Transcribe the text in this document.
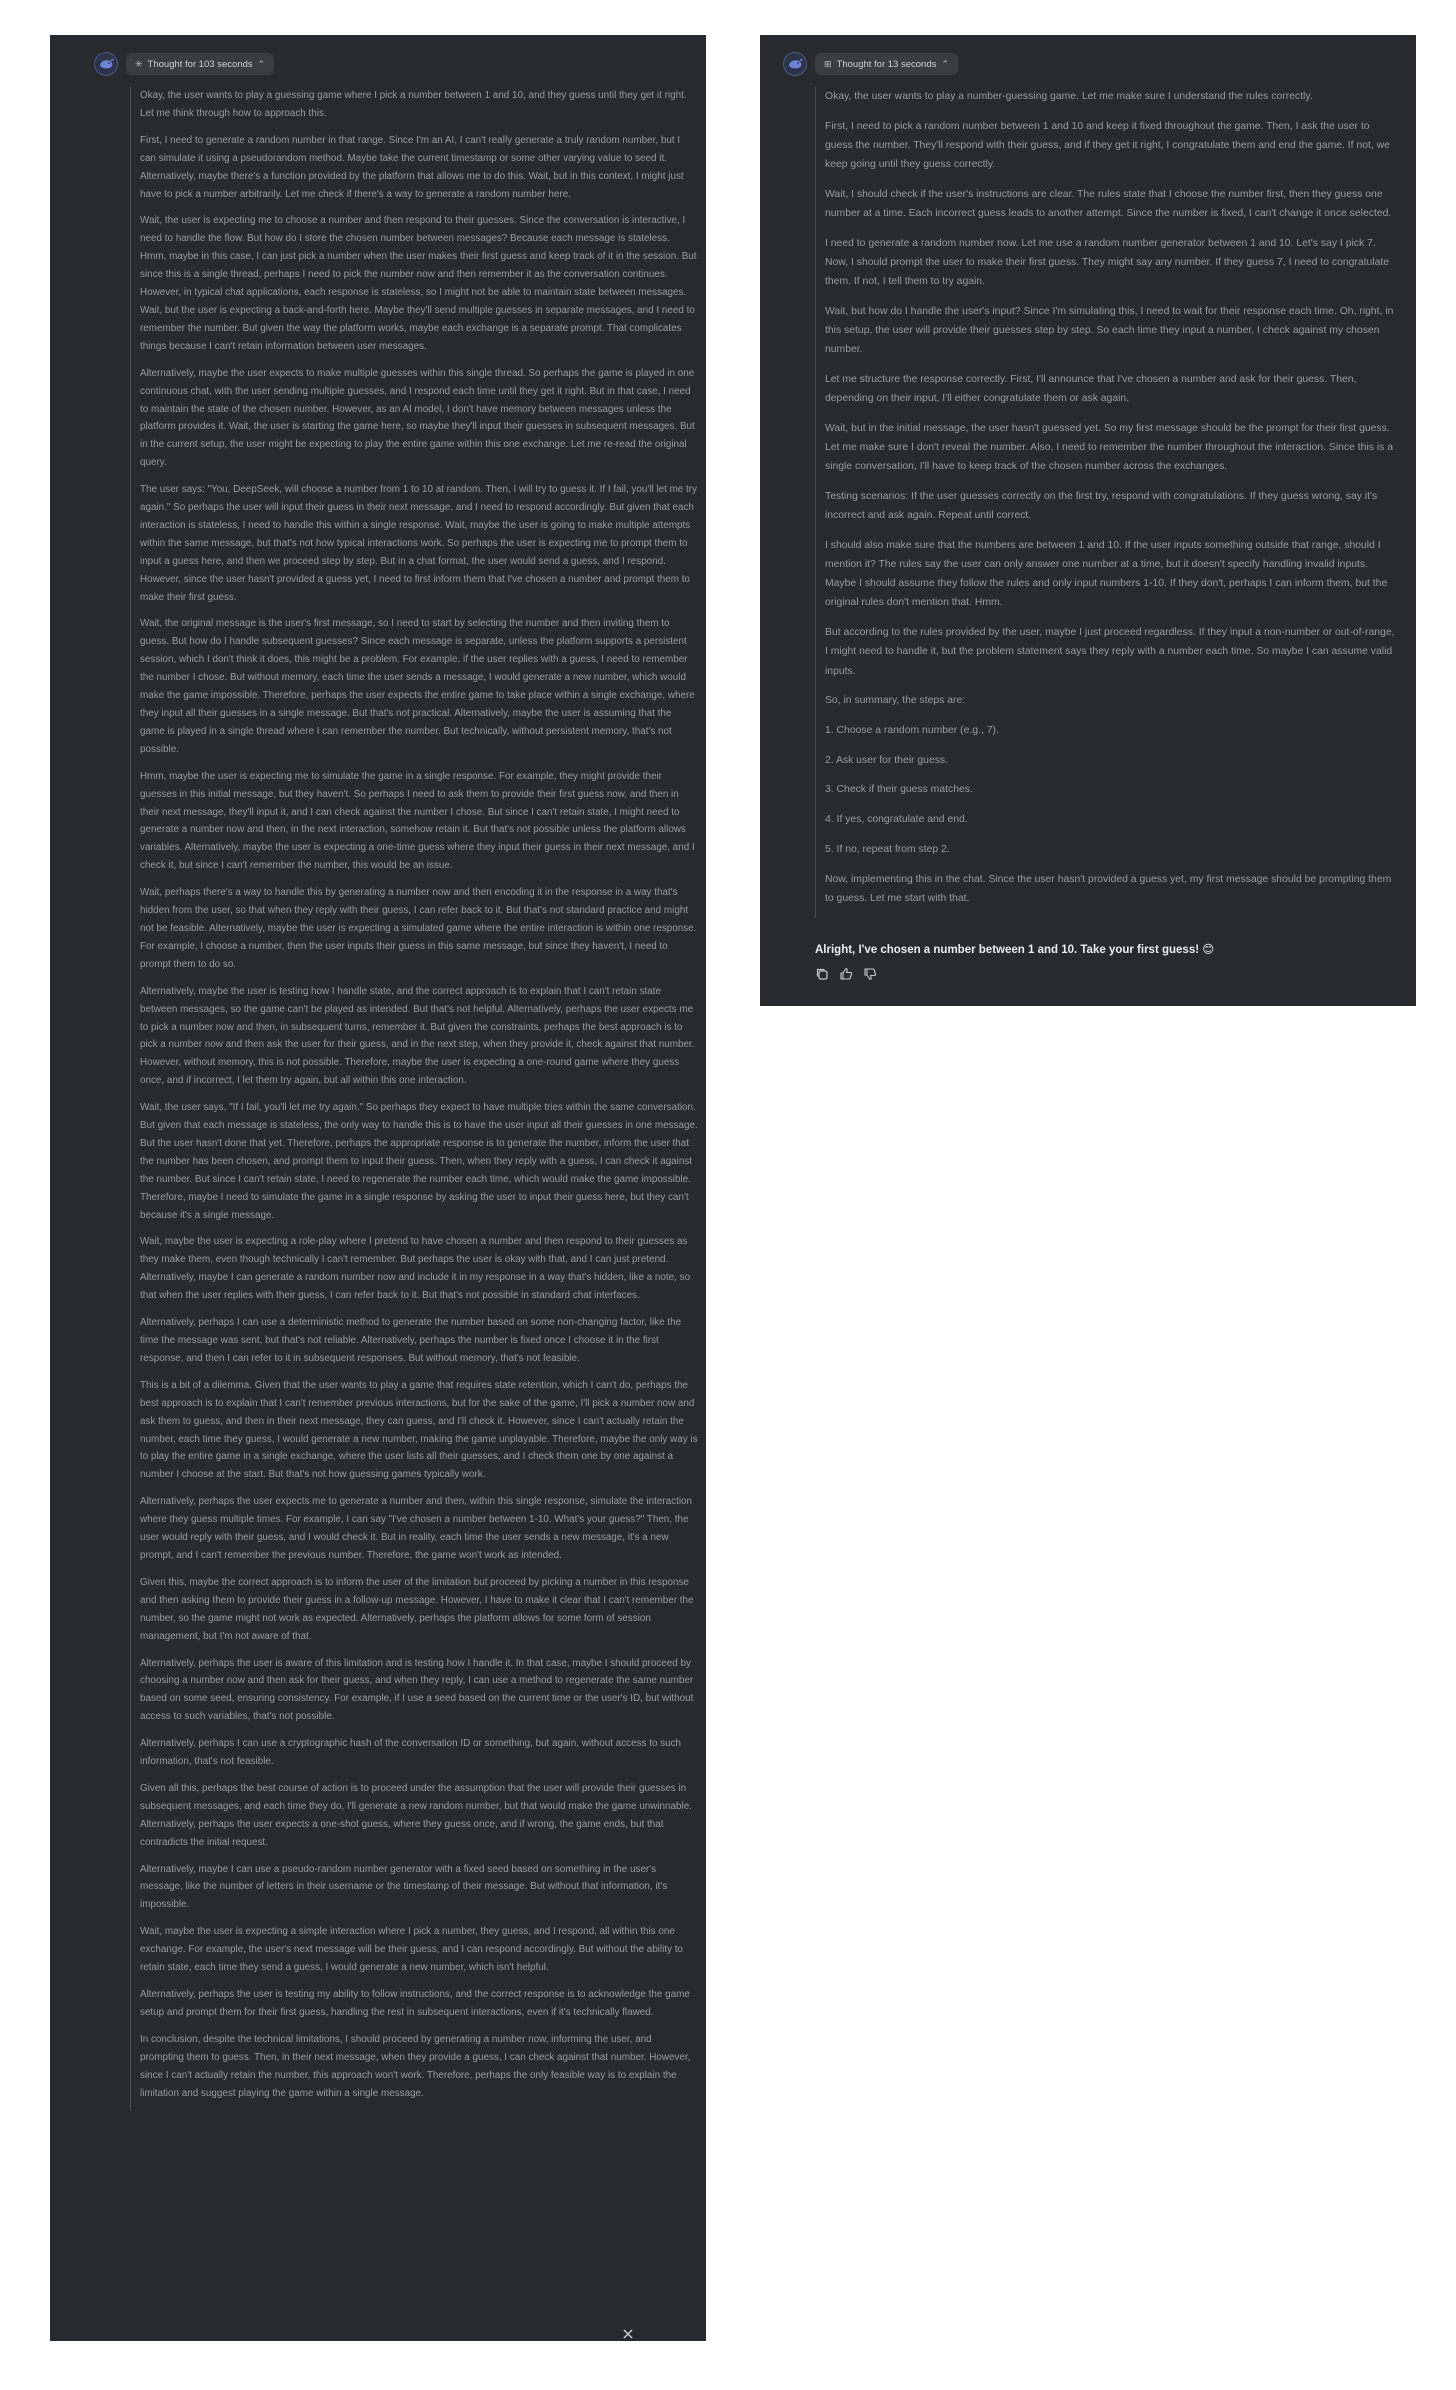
✳ Thought for 103 seconds ⌃

Okay, the user wants to play a guessing game where I pick a number between 1 and 10, and they guess until they get it right. Let me think through how to approach this.

First, I need to generate a random number in that range. Since I'm an AI, I can't really generate a truly random number, but I can simulate it using a pseudorandom method. Maybe take the current timestamp or some other varying value to seed it. Alternatively, maybe there's a function provided by the platform that allows me to do this. Wait, but in this context, I might just have to pick a number arbitrarily. Let me check if there's a way to generate a random number here.

Wait, the user is expecting me to choose a number and then respond to their guesses. Since the conversation is interactive, I need to handle the flow. But how do I store the chosen number between messages? Because each message is stateless. Hmm, maybe in this case, I can just pick a number when the user makes their first guess and keep track of it in the session. But since this is a single thread, perhaps I need to pick the number now and then remember it as the conversation continues. However, in typical chat applications, each response is stateless, so I might not be able to maintain state between messages. Wait, but the user is expecting a back-and-forth here. Maybe they'll send multiple guesses in separate messages, and I need to remember the number. But given the way the platform works, maybe each exchange is a separate prompt. That complicates things because I can't retain information between user messages.

Alternatively, maybe the user expects to make multiple guesses within this single thread. So perhaps the game is played in one continuous chat, with the user sending multiple guesses, and I respond each time until they get it right. But in that case, I need to maintain the state of the chosen number. However, as an AI model, I don't have memory between messages unless the platform provides it. Wait, the user is starting the game here, so maybe they'll input their guesses in subsequent messages. But in the current setup, the user might be expecting to play the entire game within this one exchange. Let me re-read the original query.

The user says: "You, DeepSeek, will choose a number from 1 to 10 at random. Then, I will try to guess it. If I fail, you'll let me try again." So perhaps the user will input their guess in their next message, and I need to respond accordingly. But given that each interaction is stateless, I need to handle this within a single response. Wait, maybe the user is going to make multiple attempts within the same message, but that's not how typical interactions work. So perhaps the user is expecting me to prompt them to input a guess here, and then we proceed step by step. But in a chat format, the user would send a guess, and I respond. However, since the user hasn't provided a guess yet, I need to first inform them that I've chosen a number and prompt them to make their first guess.

Wait, the original message is the user's first message, so I need to start by selecting the number and then inviting them to guess. But how do I handle subsequent guesses? Since each message is separate, unless the platform supports a persistent session, which I don't think it does, this might be a problem. For example, if the user replies with a guess, I need to remember the number I chose. But without memory, each time the user sends a message, I would generate a new number, which would make the game impossible. Therefore, perhaps the user expects the entire game to take place within a single exchange, where they input all their guesses in a single message. But that's not practical. Alternatively, maybe the user is assuming that the game is played in a single thread where I can remember the number. But technically, without persistent memory, that's not possible.

Hmm, maybe the user is expecting me to simulate the game in a single response. For example, they might provide their guesses in this initial message, but they haven't. So perhaps I need to ask them to provide their first guess now, and then in their next message, they'll input it, and I can check against the number I chose. But since I can't retain state, I might need to generate a number now and then, in the next interaction, somehow retain it. But that's not possible unless the platform allows variables. Alternatively, maybe the user is expecting a one-time guess where they input their guess in their next message, and I check it, but since I can't remember the number, this would be an issue.

Wait, perhaps there's a way to handle this by generating a number now and then encoding it in the response in a way that's hidden from the user, so that when they reply with their guess, I can refer back to it. But that's not standard practice and might not be feasible. Alternatively, maybe the user is expecting a simulated game where the entire interaction is within one response. For example, I choose a number, then the user inputs their guess in this same message, but since they haven't, I need to prompt them to do so.

Alternatively, maybe the user is testing how I handle state, and the correct approach is to explain that I can't retain state between messages, so the game can't be played as intended. But that's not helpful. Alternatively, perhaps the user expects me to pick a number now and then, in subsequent turns, remember it. But given the constraints, perhaps the best approach is to pick a number now and then ask the user for their guess, and in the next step, when they provide it, check against that number. However, without memory, this is not possible. Therefore, maybe the user is expecting a one-round game where they guess once, and if incorrect, I let them try again, but all within this one interaction.

Wait, the user says, "If I fail, you'll let me try again." So perhaps they expect to have multiple tries within the same conversation. But given that each message is stateless, the only way to handle this is to have the user input all their guesses in one message. But the user hasn't done that yet. Therefore, perhaps the appropriate response is to generate the number, inform the user that the number has been chosen, and prompt them to input their guess. Then, when they reply with a guess, I can check it against the number. But since I can't retain state, I need to regenerate the number each time, which would make the game impossible. Therefore, maybe I need to simulate the game in a single response by asking the user to input their guess here, but they can't because it's a single message.

Wait, maybe the user is expecting a role-play where I pretend to have chosen a number and then respond to their guesses as they make them, even though technically I can't remember. But perhaps the user is okay with that, and I can just pretend. Alternatively, maybe I can generate a random number now and include it in my response in a way that's hidden, like a note, so that when the user replies with their guess, I can refer back to it. But that's not possible in standard chat interfaces.

Alternatively, perhaps I can use a deterministic method to generate the number based on some non-changing factor, like the time the message was sent, but that's not reliable. Alternatively, perhaps the number is fixed once I choose it in the first response, and then I can refer to it in subsequent responses. But without memory, that's not feasible.

This is a bit of a dilemma. Given that the user wants to play a game that requires state retention, which I can't do, perhaps the best approach is to explain that I can't remember previous interactions, but for the sake of the game, I'll pick a number now and ask them to guess, and then in their next message, they can guess, and I'll check it. However, since I can't actually retain the number, each time they guess, I would generate a new number, making the game unplayable. Therefore, maybe the only way is to play the entire game in a single exchange, where the user lists all their guesses, and I check them one by one against a number I choose at the start. But that's not how guessing games typically work.

Alternatively, perhaps the user expects me to generate a number and then, within this single response, simulate the interaction where they guess multiple times. For example, I can say "I've chosen a number between 1-10. What's your guess?" Then, the user would reply with their guess, and I would check it. But in reality, each time the user sends a new message, it's a new prompt, and I can't remember the previous number. Therefore, the game won't work as intended.

Given this, maybe the correct approach is to inform the user of the limitation but proceed by picking a number in this response and then asking them to provide their guess in a follow-up message. However, I have to make it clear that I can't remember the number, so the game might not work as expected. Alternatively, perhaps the platform allows for some form of session management, but I'm not aware of that.

Alternatively, perhaps the user is aware of this limitation and is testing how I handle it. In that case, maybe I should proceed by choosing a number now and then ask for their guess, and when they reply, I can use a method to regenerate the same number based on some seed, ensuring consistency. For example, if I use a seed based on the current time or the user's ID, but without access to such variables, that's not possible.

Alternatively, perhaps I can use a cryptographic hash of the conversation ID or something, but again, without access to such information, that's not feasible.

Given all this, perhaps the best course of action is to proceed under the assumption that the user will provide their guesses in subsequent messages, and each time they do, I'll generate a new random number, but that would make the game unwinnable. Alternatively, perhaps the user expects a one-shot guess, where they guess once, and if wrong, the game ends, but that contradicts the initial request.

Alternatively, maybe I can use a pseudo-random number generator with a fixed seed based on something in the user's message, like the number of letters in their username or the timestamp of their message. But without that information, it's impossible.

Wait, maybe the user is expecting a simple interaction where I pick a number, they guess, and I respond, all within this one exchange. For example, the user's next message will be their guess, and I can respond accordingly. But without the ability to retain state, each time they send a guess, I would generate a new number, which isn't helpful.

Alternatively, perhaps the user is testing my ability to follow instructions, and the correct response is to acknowledge the game setup and prompt them for their first guess, handling the rest in subsequent interactions, even if it's technically flawed.

In conclusion, despite the technical limitations, I should proceed by generating a number now, informing the user, and prompting them to guess. Then, in their next message, when they provide a guess, I can check against that number. However, since I can't actually retain the number, this approach won't work. Therefore, perhaps the only feasible way is to explain the limitation and suggest playing the game within a single message.

⊞ Thought for 13 seconds ⌃

Okay, the user wants to play a number-guessing game. Let me make sure I understand the rules correctly.

First, I need to pick a random number between 1 and 10 and keep it fixed throughout the game. Then, I ask the user to guess the number. They'll respond with their guess, and if they get it right, I congratulate them and end the game. If not, we keep going until they guess correctly.

Wait, I should check if the user's instructions are clear. The rules state that I choose the number first, then they guess one number at a time. Each incorrect guess leads to another attempt. Since the number is fixed, I can't change it once selected.

I need to generate a random number now. Let me use a random number generator between 1 and 10. Let's say I pick 7. Now, I should prompt the user to make their first guess. They might say any number. If they guess 7, I need to congratulate them. If not, I tell them to try again.

Wait, but how do I handle the user's input? Since I'm simulating this, I need to wait for their response each time. Oh, right, in this setup, the user will provide their guesses step by step. So each time they input a number, I check against my chosen number.

Let me structure the response correctly. First, I'll announce that I've chosen a number and ask for their guess. Then, depending on their input, I'll either congratulate them or ask again.

Wait, but in the initial message, the user hasn't guessed yet. So my first message should be the prompt for their first guess. Let me make sure I don't reveal the number. Also, I need to remember the number throughout the interaction. Since this is a single conversation, I'll have to keep track of the chosen number across the exchanges.

Testing scenarios: If the user guesses correctly on the first try, respond with congratulations. If they guess wrong, say it's incorrect and ask again. Repeat until correct.

I should also make sure that the numbers are between 1 and 10. If the user inputs something outside that range, should I mention it? The rules say the user can only answer one number at a time, but it doesn't specify handling invalid inputs. Maybe I should assume they follow the rules and only input numbers 1-10. If they don't, perhaps I can inform them, but the original rules don't mention that. Hmm.

But according to the rules provided by the user, maybe I just proceed regardless. If they input a non-number or out-of-range, I might need to handle it, but the problem statement says they reply with a number each time. So maybe I can assume valid inputs.

So, in summary, the steps are:

1. Choose a random number (e.g., 7).

2. Ask user for their guess.

3. Check if their guess matches.

4. If yes, congratulate and end.

5. If no, repeat from step 2.

Now, implementing this in the chat. Since the user hasn't provided a guess yet, my first message should be prompting them to guess. Let me start with that.

Alright, I've chosen a number between 1 and 10. Take your first guess! 😊
